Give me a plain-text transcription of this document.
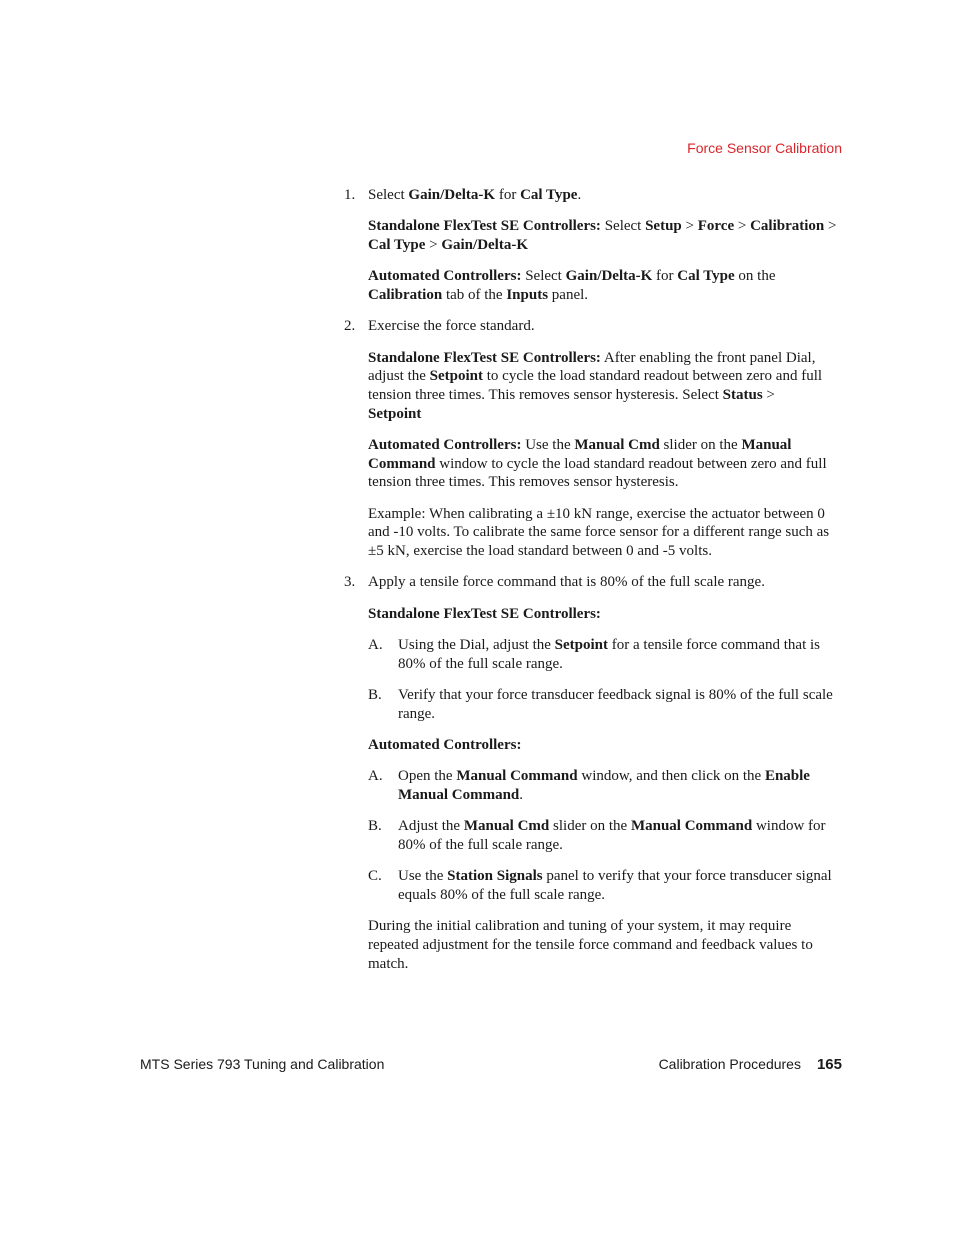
Force Sensor Calibration
1. Select Gain/Delta-K for Cal Type.

Standalone FlexTest SE Controllers: Select Setup > Force > Calibration > Cal Type > Gain/Delta-K

Automated Controllers: Select Gain/Delta-K for Cal Type on the Calibration tab of the Inputs panel.

2. Exercise the force standard.

Standalone FlexTest SE Controllers: After enabling the front panel Dial, adjust the Setpoint to cycle the load standard readout between zero and full tension three times. This removes sensor hysteresis. Select Status >
Setpoint

Automated Controllers: Use the Manual Cmd slider on the Manual Command window to cycle the load standard readout between zero and full tension three times. This removes sensor hysteresis.

Example: When calibrating a ±10 kN range, exercise the actuator between 0 and -10 volts. To calibrate the same force sensor for a different range such as ±5 kN, exercise the load standard between 0 and -5 volts.

3. Apply a tensile force command that is 80% of the full scale range.

Standalone FlexTest SE Controllers:

A. Using the Dial, adjust the Setpoint for a tensile force command that is 80% of the full scale range.

B. Verify that your force transducer feedback signal is 80% of the full scale range.

Automated Controllers:

A. Open the Manual Command window, and then click on the Enable Manual Command.

B. Adjust the Manual Cmd slider on the Manual Command window for 80% of the full scale range.

C. Use the Station Signals panel to verify that your force transducer signal equals 80% of the full scale range.

During the initial calibration and tuning of your system, it may require repeated adjustment for the tensile force command and feedback values to match.

MTS Series 793 Tuning and Calibration	Calibration Procedures 165
